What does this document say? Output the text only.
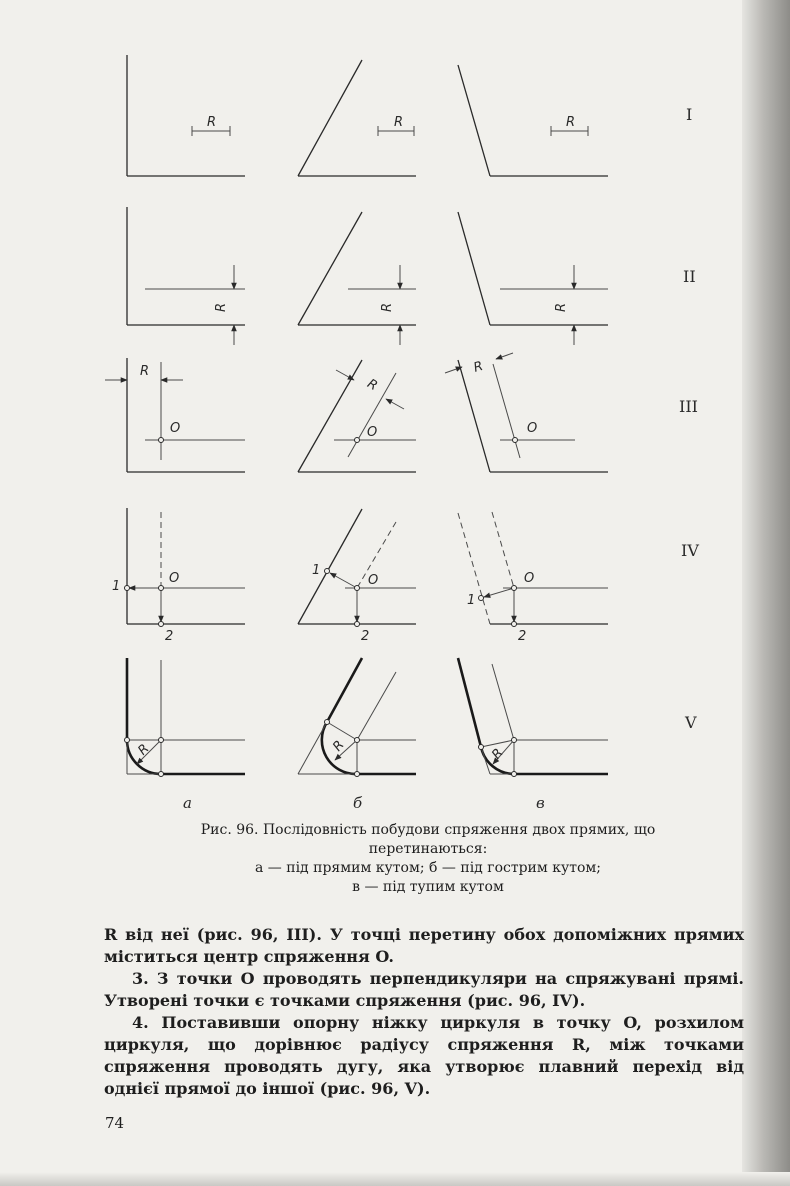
R	R	R
R	R	R
R
O
R
O
R
O
O
1
2
O
1
2
O
1
2
R	R	R
I
II
III
IV
V
а	б	в
Рис. 96. Послідовність побудови спряження двох прямих, що
перетинаються:
а — під прямим кутом; б — під гострим кутом;
в — під тупим кутом

R від неї (рис. 96, III). У точці перетину обох допоміжних прямих міститься центр спряження O.

3. З точки O проводять перпендикуляри на спряжувані прямі. Утворені точки є точками спряження (рис. 96, IV).

4. Поставивши опорну ніжку циркуля в точку O, розхилом циркуля, що дорівнює радіусу спряження R, між точками спряження проводять дугу, яка утворює плавний перехід від однієї прямої до іншої (рис. 96, V).

74
